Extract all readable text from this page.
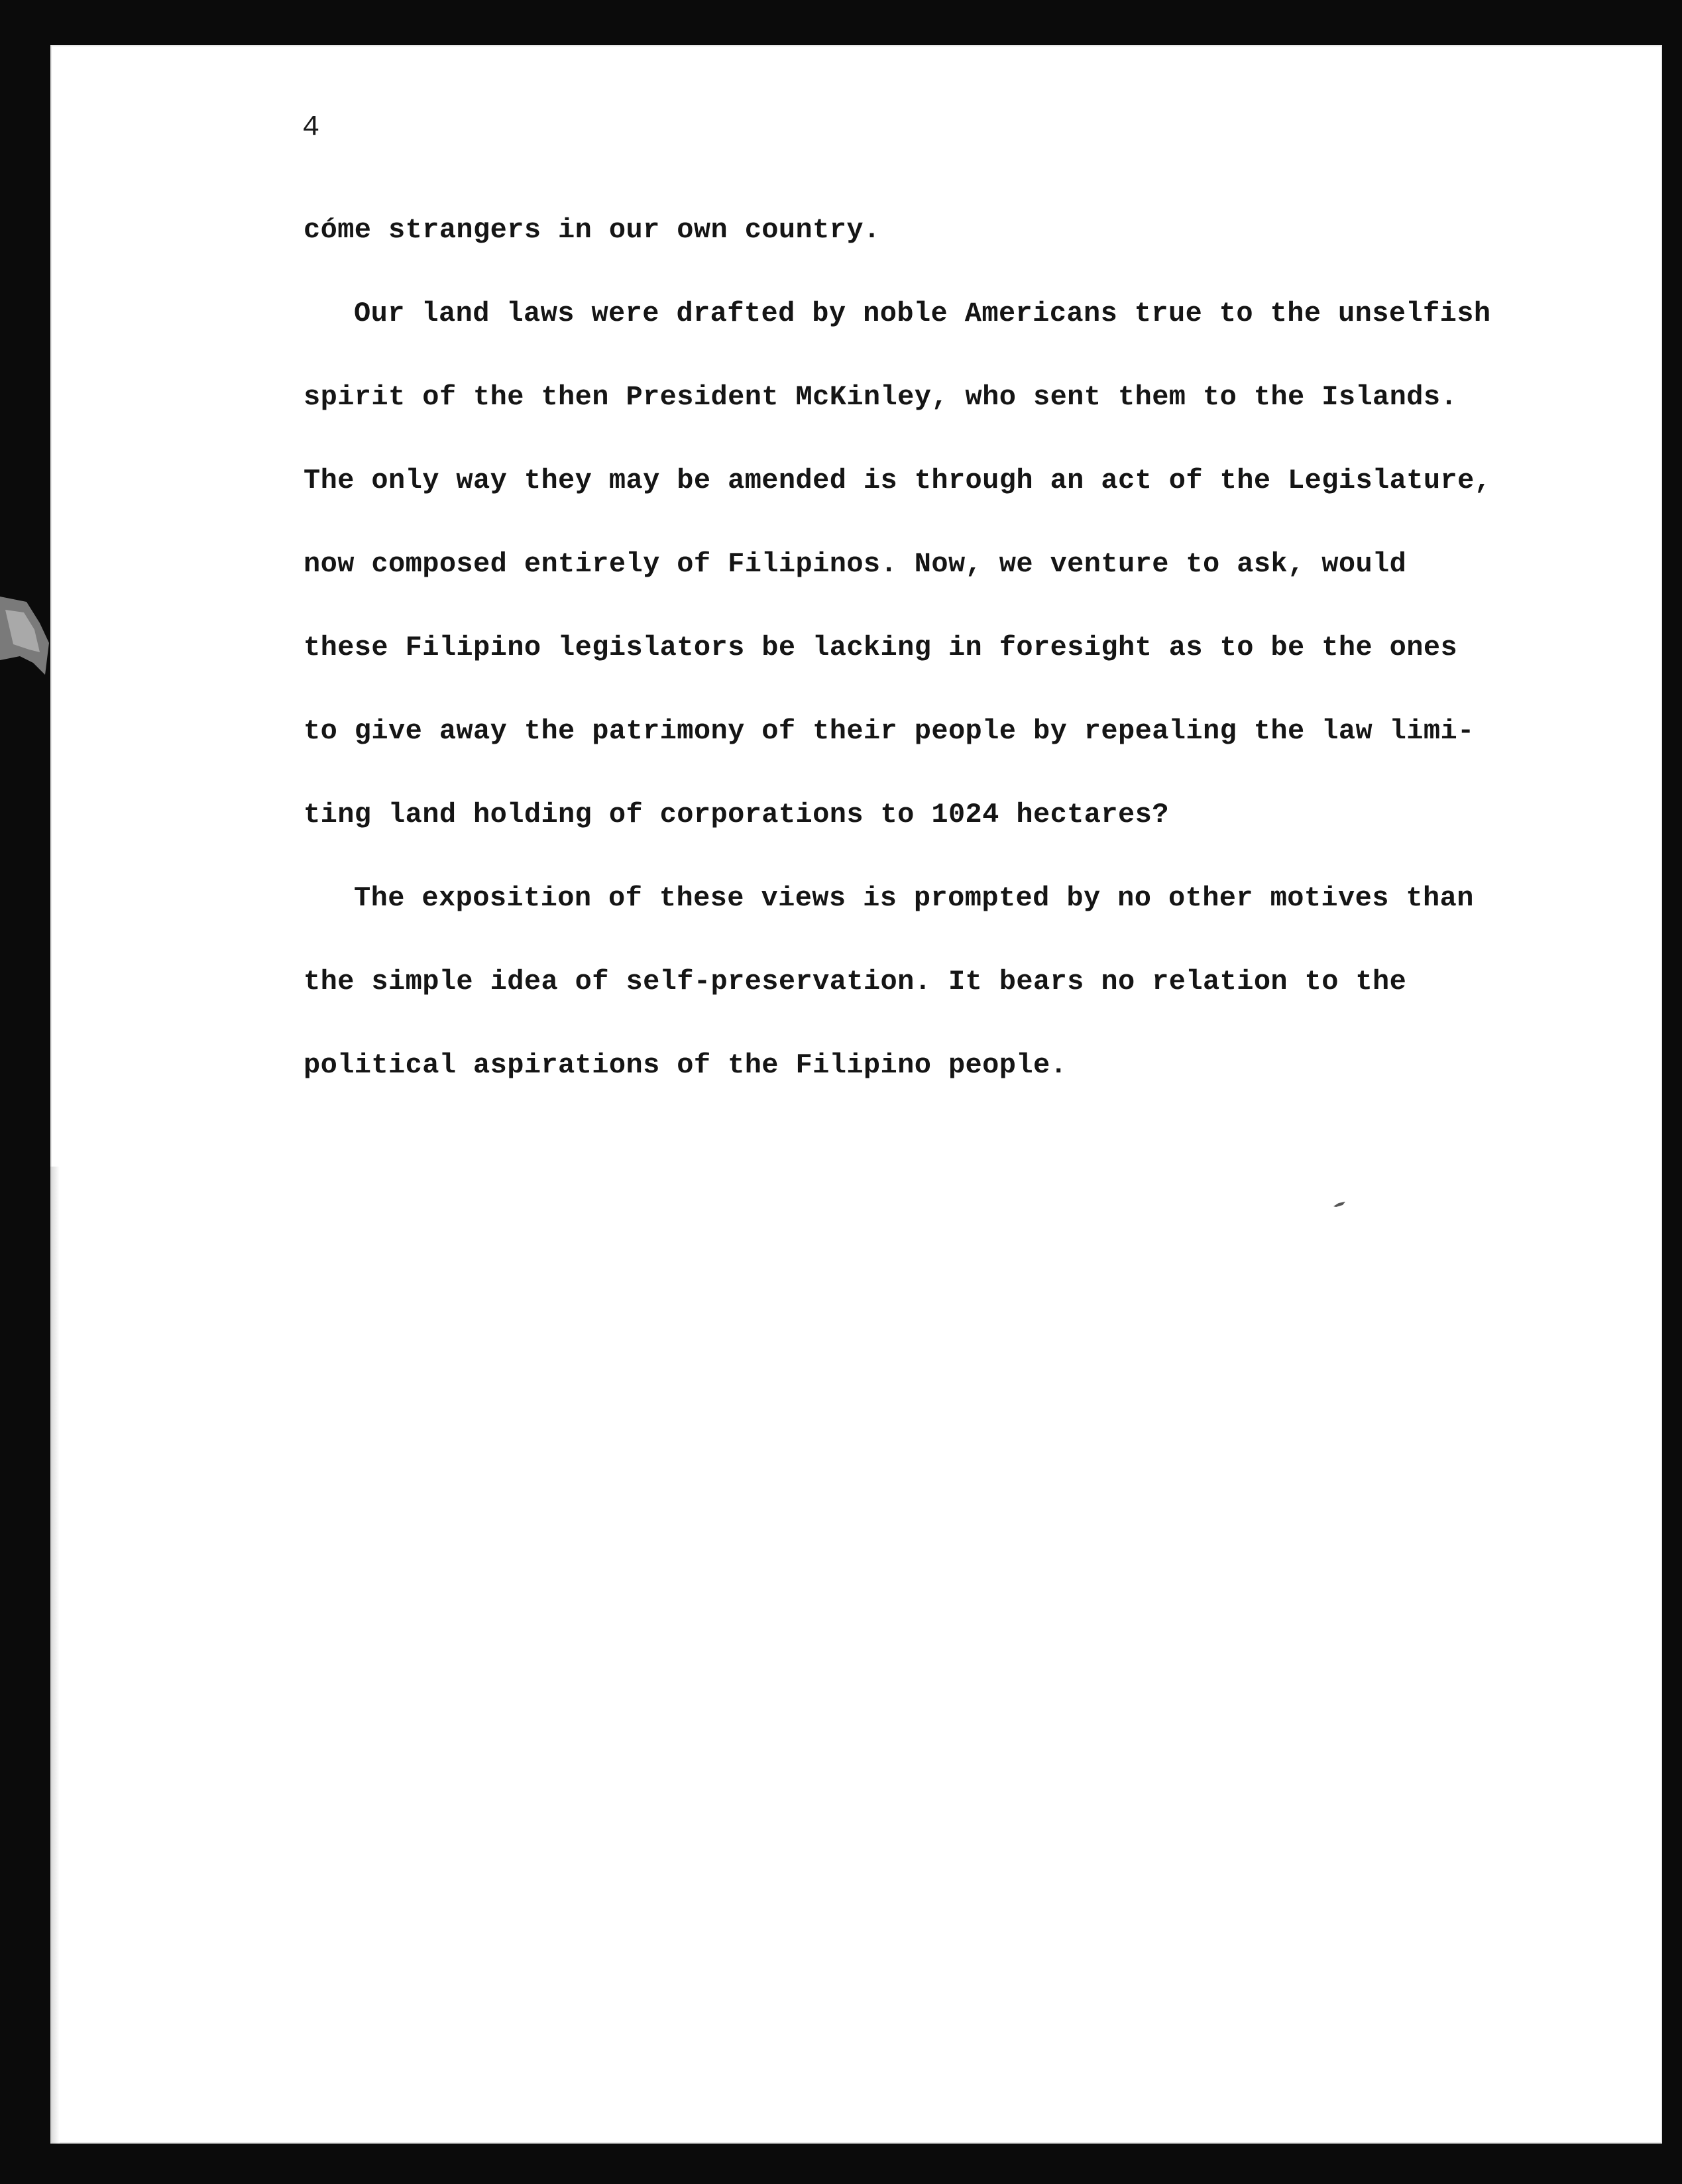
4
cóme strangers in our own country.
Our land laws were drafted by noble Americans true to the unselfish
spirit of the then President McKinley, who sent them to the Islands.
The only way they may be amended is through an act of the Legislature,
now composed entirely of Filipinos. Now, we venture to ask, would
these Filipino legislators be lacking in foresight as to be the ones
to give away the patrimony of their people by repealing the law limi-
ting land holding of corporations to 1024 hectares?
The exposition of these views is prompted by no other motives than
the simple idea of self-preservation. It bears no relation to the
political aspirations of the Filipino people.
